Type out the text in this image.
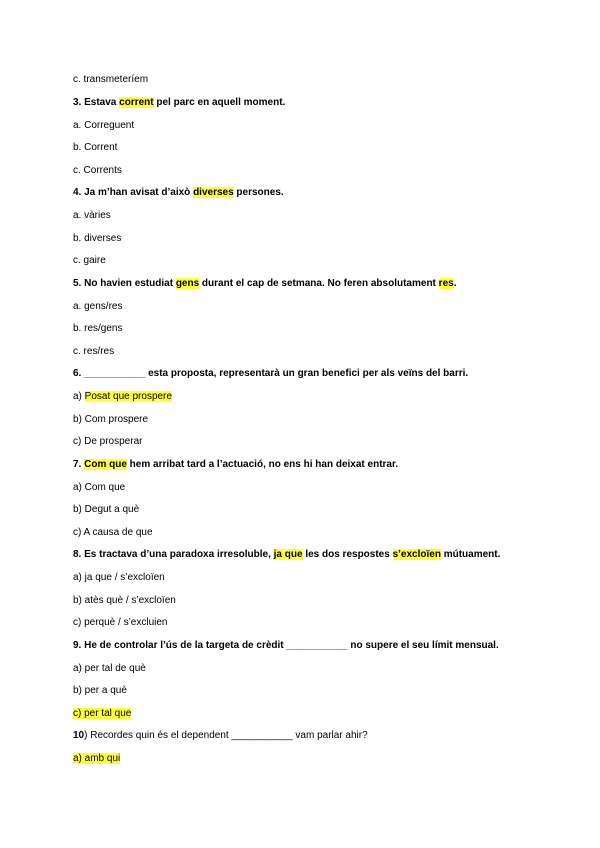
c. transmeteríem
3. Estava corrent pel parc en aquell moment.
a. Correguent
b. Corrent
c. Corrents
4. Ja m’han avisat d’això diverses persones.
a. vàries
b. diverses
c. gaire
5. No havien estudiat gens durant el cap de setmana. No feren absolutament res.
a. gens/res
b. res/gens
c. res/res
6. ___________ esta proposta, representarà un gran benefici per als veïns del barri.
a) Posat que prospere
b) Com prospere
c) De prosperar
7. Com que hem arribat tard a l’actuació, no ens hi han deixat entrar.
a) Com que
b) Degut a què
c) A causa de que
8. Es tractava d’una paradoxa irresoluble, ja que les dos respostes s’excloïen mútuament.
a) ja que / s’excloïen
b) atès què / s’excloïen
c) perquè / s’excluien
9. He de controlar l’ús de la targeta de crèdit ___________ no supere el seu límit mensual.
a) per tal de què
b) per a què
c) per tal que
10) Recordes quin és el dependent ___________ vam parlar ahir?
a) amb qui
